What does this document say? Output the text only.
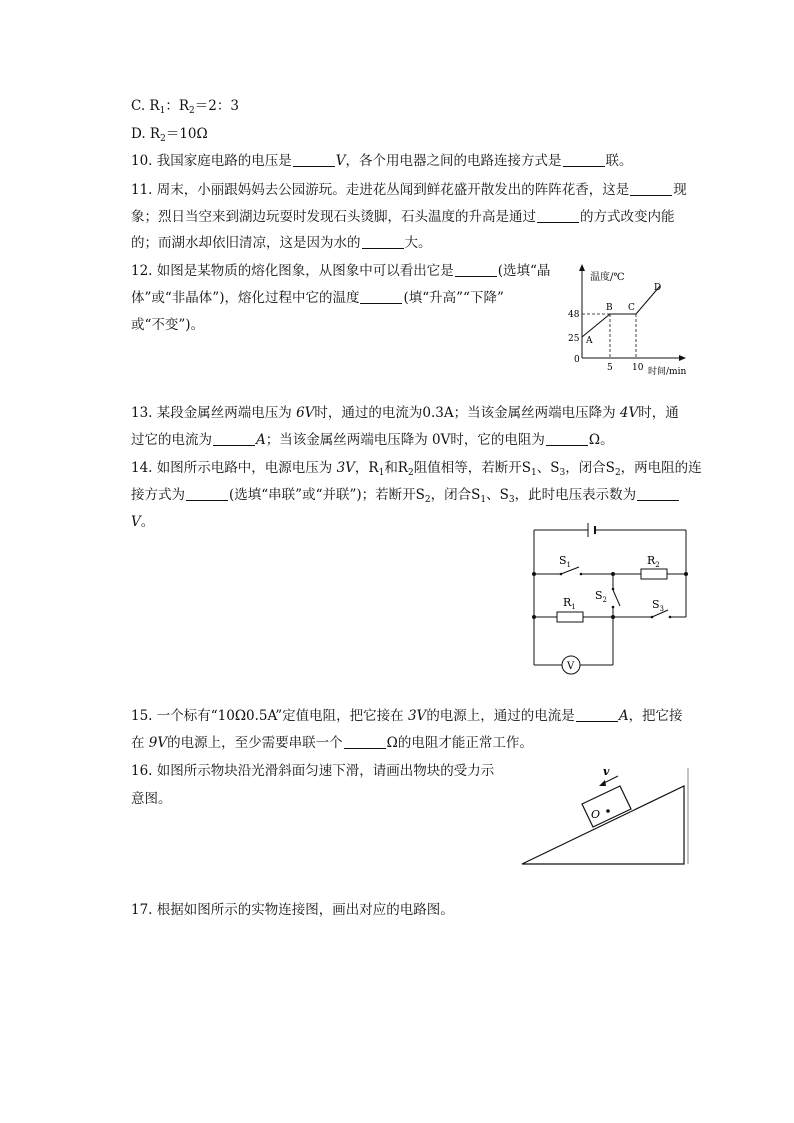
C. $R_1$：$R_2=2$：3
D. $R_2=10\Omega$
10. 我国家庭电路的电压是	V，各个用电器之间的电路连接方式是	联。
11. 周末，小丽跟妈妈去公园游玩。走进花丛闻到鲜花盛开散发出的阵阵花香，这是	现
象；烈日当空来到湖边玩耍时发现石头烫脚，石头温度的升高是通过	的方式改变内能
的；而湖水却依旧清凉，这是因为水的	大。
12. 如图是某物质的熔化图象，从图象中可以看出它是	(选填“晶
体”或“非晶体”)，熔化过程中它的温度	(填“升高”“下降”
或“不变”)。
温度/℃
时间/min
0
48
25
5 10
A
B C
D
13. 某段金属丝两端电压为 6V时，通过的电流为0.3A；当该金属丝两端电压降为 4V时，通
过它的电流为	A；当该金属丝两端电压降为 0V时，它的电阻为	Ω。
14. 如图所示电路中，电源电压为 3V，$R_1$和$R_2$阻值相等，若断开$S_1$、$S_3$，闭合$S_2$，两电阻的连
接方式为	(选填“串联”或“并联”)；若断开$S_2$，闭合$S_1$、$S_3$，此时电压表示数为
V。
$S_1$	$R_2$
$R_1$
$S_2$	$S_3$
V
15. 一个标有“10Ω0.5A”定值电阻，把它接在 3V的电源上，通过的电流是	A，把它接
在 9V的电源上，至少需要串联一个	Ω的电阻才能正常工作。
16. 如图所示物块沿光滑斜面匀速下滑，请画出物块的受力示
意图。
O
v
17. 根据如图所示的实物连接图，画出对应的电路图。
